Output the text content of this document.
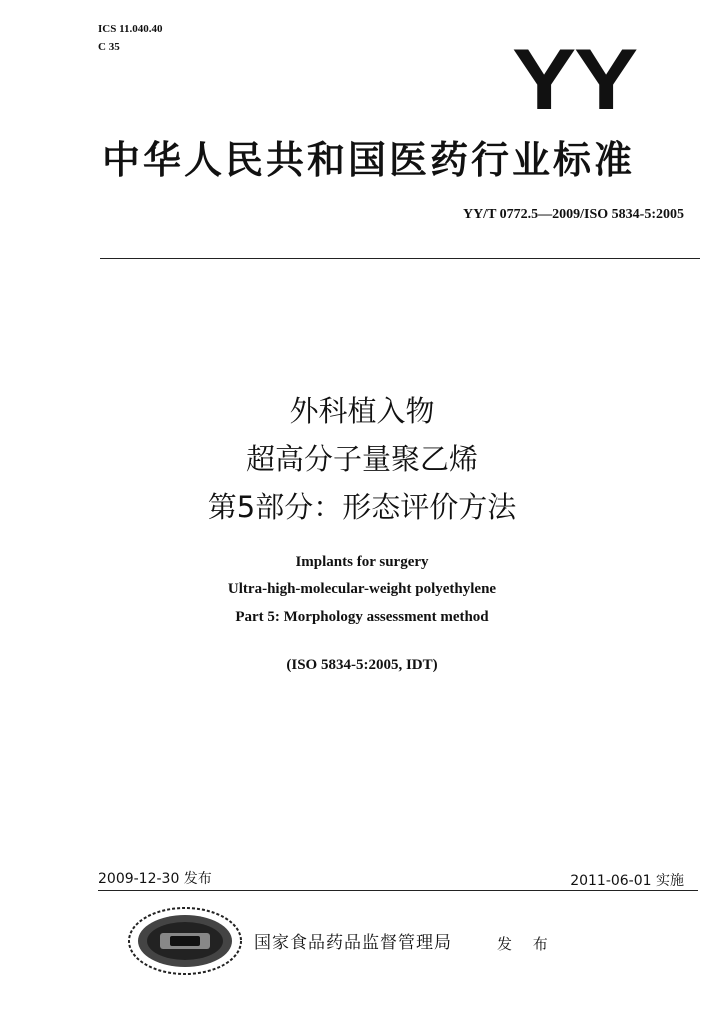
ICS 11.040.40
C 35	YY
中华人民共和国医药行业标准
YY/T 0772.5—2009/ISO 5834-5:2005
外科植入物
超高分子量聚乙烯
第5部分：形态评价方法
Implants for surgery
Ultra-high-molecular-weight polyethylene
Part 5: Morphology assessment method
(ISO 5834-5:2005, IDT)
2009-12-30 发布	2011-06-01 实施
国家食品药品监督管理局	发 布
